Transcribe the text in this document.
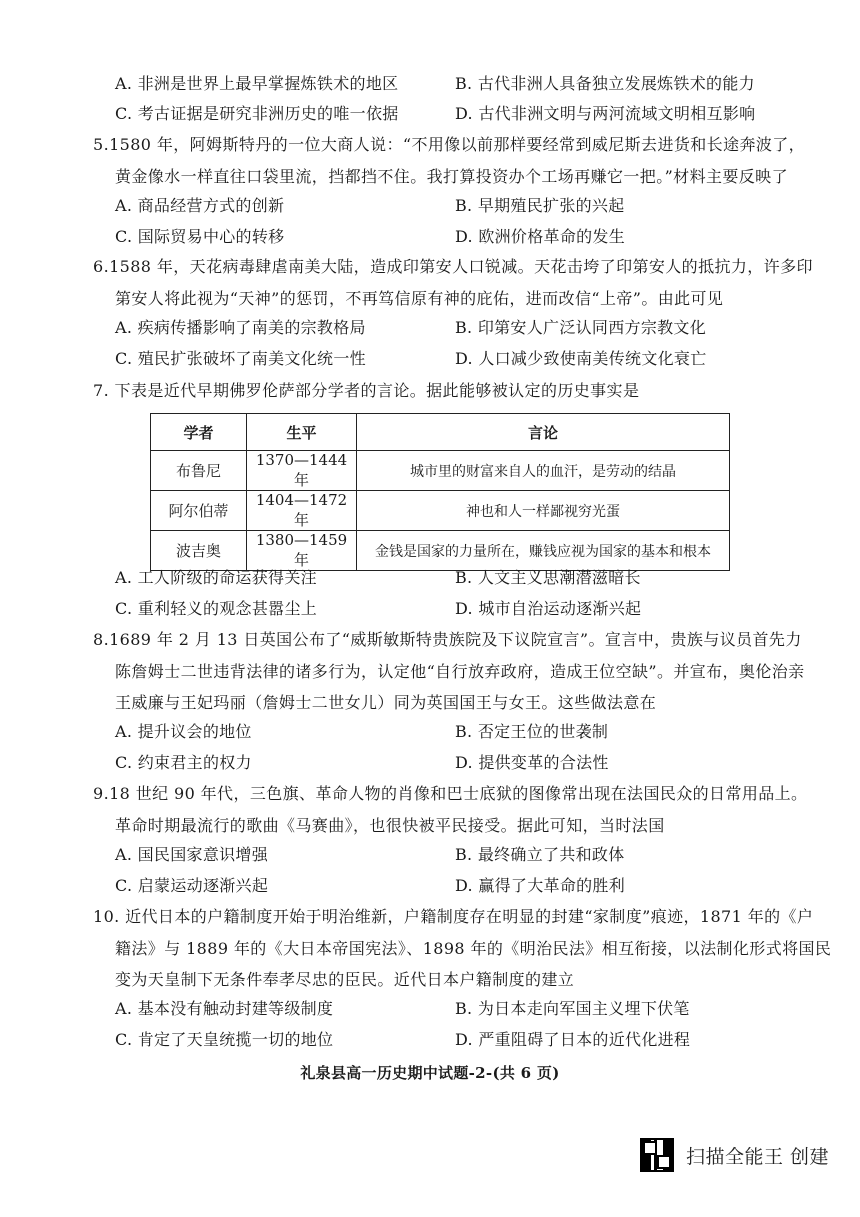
A. 非洲是世界上最早掌握炼铁术的地区	B. 古代非洲人具备独立发展炼铁术的能力
C. 考古证据是研究非洲历史的唯一依据	D. 古代非洲文明与两河流域文明相互影响
5.1580 年，阿姆斯特丹的一位大商人说：“不用像以前那样要经常到威尼斯去进货和长途奔波了，
黄金像水一样直往口袋里流，挡都挡不住。我打算投资办个工场再赚它一把。”材料主要反映了
A. 商品经营方式的创新	B. 早期殖民扩张的兴起
C. 国际贸易中心的转移	D. 欧洲价格革命的发生
6.1588 年，天花病毒肆虐南美大陆，造成印第安人口锐减。天花击垮了印第安人的抵抗力，许多印
第安人将此视为“天神”的惩罚，不再笃信原有神的庇佑，进而改信“上帝”。由此可见
A. 疾病传播影响了南美的宗教格局	B. 印第安人广泛认同西方宗教文化
C. 殖民扩张破坏了南美文化统一性	D. 人口减少致使南美传统文化衰亡
7. 下表是近代早期佛罗伦萨部分学者的言论。据此能够被认定的历史事实是
学者	生平	言论
布鲁尼	1370—1444 年	城市里的财富来自人的血汗，是劳动的结晶
阿尔伯蒂	1404—1472 年	神也和人一样鄙视穷光蛋
波吉奥	1380—1459 年	金钱是国家的力量所在，赚钱应视为国家的基本和根本
A. 工人阶级的命运获得关注	B. 人文主义思潮潜滋暗长
C. 重利轻义的观念甚嚣尘上	D. 城市自治运动逐渐兴起
8.1689 年 2 月 13 日英国公布了“威斯敏斯特贵族院及下议院宣言”。宣言中，贵族与议员首先力
陈詹姆士二世违背法律的诸多行为，认定他“自行放弃政府，造成王位空缺”。并宣布，奥伦治亲
王威廉与王妃玛丽（詹姆士二世女儿）同为英国国王与女王。这些做法意在
A. 提升议会的地位	B. 否定王位的世袭制
C. 约束君主的权力	D. 提供变革的合法性
9.18 世纪 90 年代，三色旗、革命人物的肖像和巴士底狱的图像常出现在法国民众的日常用品上。
革命时期最流行的歌曲《马赛曲》，也很快被平民接受。据此可知，当时法国
A. 国民国家意识增强	B. 最终确立了共和政体
C. 启蒙运动逐渐兴起	D. 赢得了大革命的胜利
10. 近代日本的户籍制度开始于明治维新，户籍制度存在明显的封建“家制度”痕迹，1871 年的《户
籍法》与 1889 年的《大日本帝国宪法》、1898 年的《明治民法》相互衔接，以法制化形式将国民
变为天皇制下无条件奉孝尽忠的臣民。近代日本户籍制度的建立
A. 基本没有触动封建等级制度	B. 为日本走向军国主义埋下伏笔
C. 肯定了天皇统揽一切的地位	D. 严重阻碍了日本的近代化进程
礼泉县高一历史期中试题-2-(共 6 页)
扫描全能王 创建
